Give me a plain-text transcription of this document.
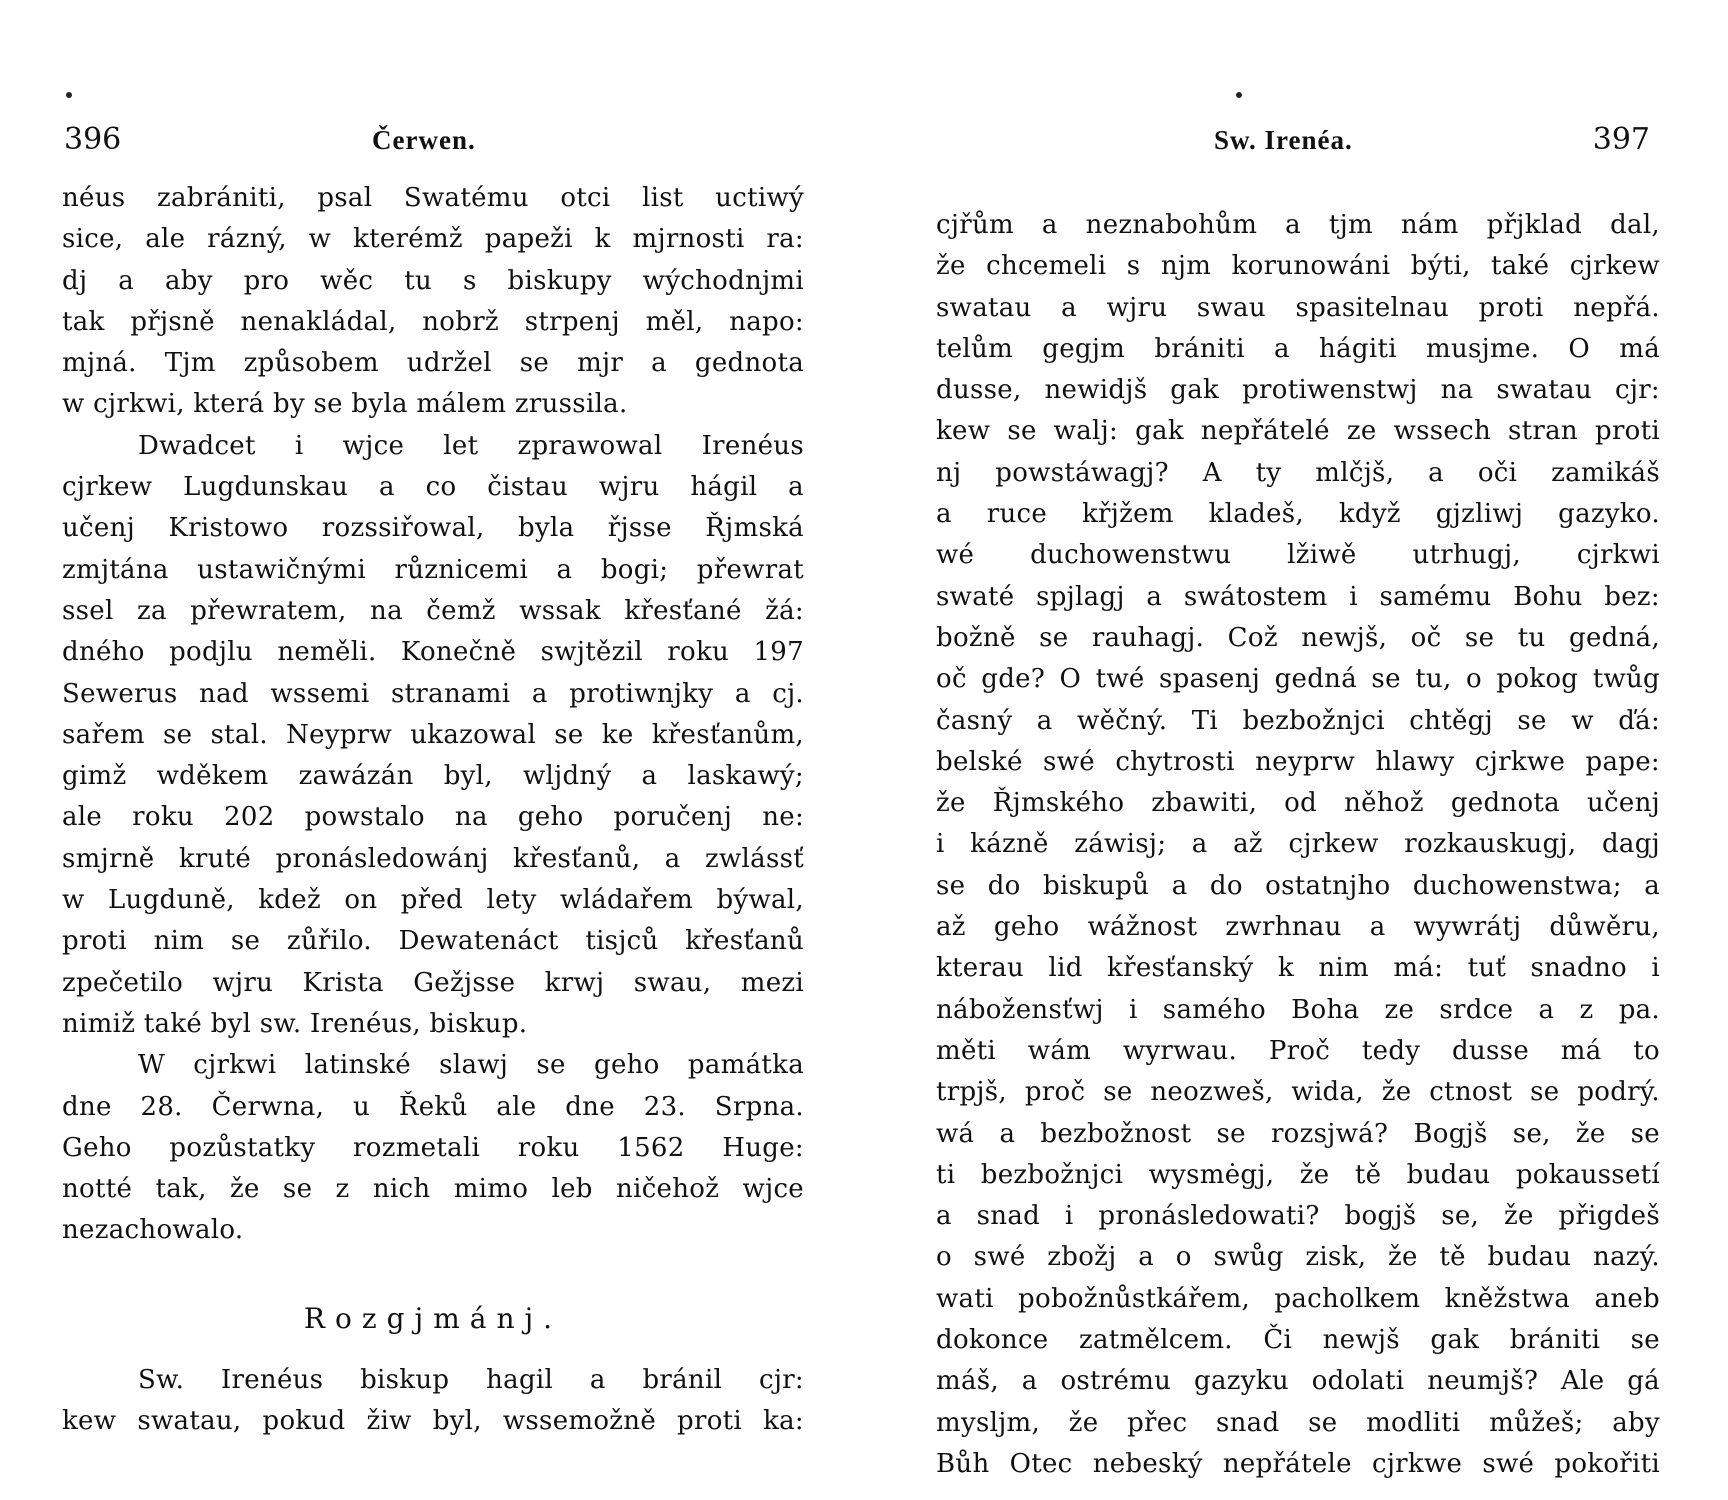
396	Čerwen.
néus zabrániti, psal Swatému otci list uctiwý
sice, ale rázný, w kterémž papeži k mjrnosti ra:
dj a aby pro wěc tu s biskupy wýchodnjmi
tak přjsně nenakládal, nobrž strpenj měl, napo:
mjná. Tjm způsobem udržel se mjr a gednota
w cjrkwi, která by se byla málem zrussila.
Dwadcet i wjce let zprawowal Irenéus
cjrkew Lugdunskau a co čistau wjru hágil a
učenj Kristowo rozssiřowal, byla řjsse Řjmská
zmjtána ustawičnými různicemi a bogi; přewrat
ssel za přewratem, na čemž wssak křesťané žá:
dného podjlu neměli. Konečně swjtězil roku 197
Sewerus nad wssemi stranami a protiwnjky a cj.
sařem se stal. Neyprw ukazowal se ke křesťanům,
gimž wděkem zawázán byl, wljdný a laskawý;
ale roku 202 powstalo na geho poručenj ne:
smjrně kruté pronásledowánj křesťanů, a zwlássť
w Lugduně, kdež on před lety wládařem býwal,
proti nim se zůřilo. Dewatenáct tisjců křesťanů
zpečetilo wjru Krista Gežjsse krwj swau, mezi
nimiž také byl sw. Irenéus, biskup.
W cjrkwi latinské slawj se geho památka
dne 28. Čerwna, u Řeků ale dne 23. Srpna.
Geho pozůstatky rozmetali roku 1562 Huge:
notté tak, že se z nich mimo leb ničehož wjce
nezachowalo.
Rozgjmánj.
Sw. Irenéus biskup hagil a bránil cjr:
kew swatau, pokud žiw byl, wssemožně proti ka:
Sw. Irenéa.	397
cjřům a neznabohům a tjm nám přjklad dal,
že chcemeli s njm korunowáni býti, také cjrkew
swatau a wjru swau spasitelnau proti nepřá.
telům gegjm brániti a hágiti musjme. O má
dusse, newidjš gak protiwenstwj na swatau cjr:
kew se walj: gak nepřátelé ze wssech stran proti
nj powstáwagj? A ty mlčjš, a oči zamikáš
a ruce křjžem kladeš, když gjzliwj gazyko.
wé duchowenstwu lžiwě utrhugj, cjrkwi
swaté spjlagj a swátostem i samému Bohu bez:
božně se rauhagj. Což newjš, oč se tu gedná,
oč gde? O twé spasenj gedná se tu, o pokog twůg
časný a wěčný. Ti bezbožnjci chtěgj se w ďá:
belské swé chytrosti neyprw hlawy cjrkwe pape:
že Řjmského zbawiti, od něhož gednota učenj
i kázně záwisj; a až cjrkew rozkauskugj, dagj
se do biskupů a do ostatnjho duchowenstwa; a
až geho wážnost zwrhnau a wywrátj důwěru,
kterau lid křesťanský k nim má: tuť snadno i
nábožensťwj i samého Boha ze srdce a z pa.
měti wám wyrwau. Proč tedy dusse má to
trpjš, proč se neozweš, wida, že ctnost se podrý.
wá a bezbožnost se rozsjwá? Bogjš se, že se
ti bezbožnjci wysmėgj, že tě budau pokaussetí
a snad i pronásledowati? bogjš se, že přigdeš
o swé zbožj a o swůg zisk, že tě budau nazý.
wati pobožnůstkářem, pacholkem kněžstwa aneb
dokonce zatmělcem. Či newjš gak brániti se
máš, a ostrému gazyku odolati neumjš? Ale gá
mysljm, že přec snad se modliti můžeš; aby
Bůh Otec nebeský nepřátele cjrkwe swé pokořiti
